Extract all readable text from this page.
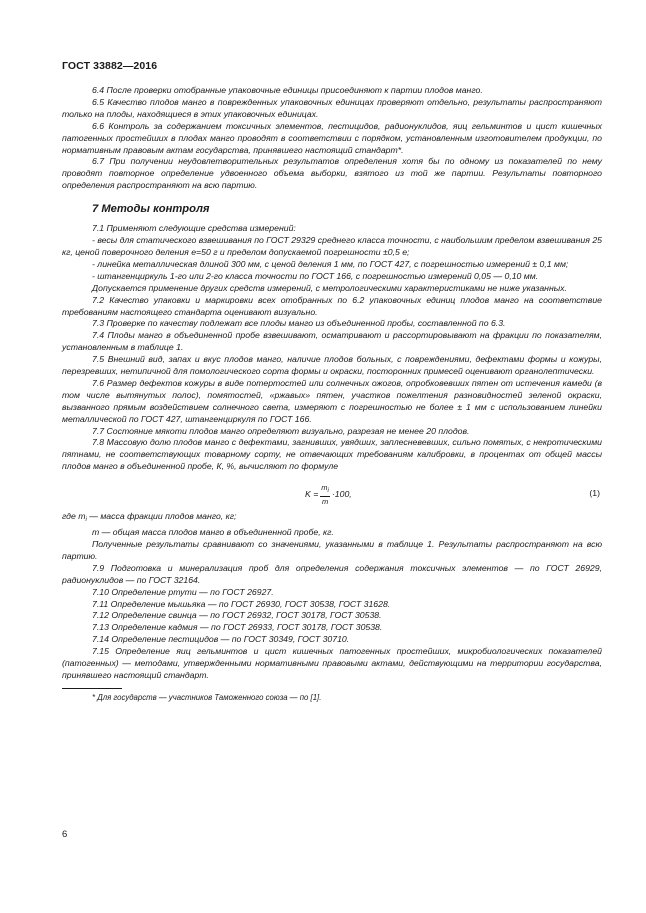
ГОСТ 33882—2016

6.4 После проверки отобранные упаковочные единицы присоединяют к партии плодов манго.

6.5 Качество плодов манго в поврежденных упаковочных единицах проверяют отдельно, результаты распространяют только на плоды, находящиеся в этих упаковочных единицах.

6.6 Контроль за содержанием токсичных элементов, пестицидов, радионуклидов, яиц гельминтов и цист кишечных патогенных простейших в плодах манго проводят в соответствии с порядком, установленным изготовителем продукции, по нормативным правовым актам государства, принявшего настоящий стандарт*.

6.7 При получении неудовлетворительных результатов определения хотя бы по одному из показателей по нему проводят повторное определение удвоенного объема выборки, взятого из той же партии. Результаты повторного определения распространяют на всю партию.

7 Методы контроля

7.1 Применяют следующие средства измерений:

- весы для статического взвешивания по ГОСТ 29329 среднего класса точности, с наибольшим пределом взвешивания 25 кг, ценой поверочного деления e=50 г и пределом допускаемой погрешности ±0,5 e;

- линейка металлическая длиной 300 мм, с ценой деления 1 мм, по ГОСТ 427, с погрешностью измерений ± 0,1 мм;

- штангенциркуль 1-го или 2-го класса точности по ГОСТ 166, с погрешностью измерений 0,05 — 0,10 мм.

Допускается применение других средств измерений, с метрологическими характеристиками не ниже указанных.

7.2 Качество упаковки и маркировки всех отобранных по 6.2 упаковочных единиц плодов манго на соответствие требованиям настоящего стандарта оценивают визуально.

7.3 Проверке по качеству подлежат все плоды манго из объединенной пробы, составленной по 6.3.

7.4 Плоды манго в объединенной пробе взвешивают, осматривают и рассортировывают на фракции по показателям, установленным в таблице 1.

7.5 Внешний вид, запах и вкус плодов манго, наличие плодов больных, с повреждениями, дефектами формы и кожуры, перезревших, нетипичной для помологического сорта формы и окраски, посторонних примесей оценивают органолептически.

7.6 Размер дефектов кожуры в виде потертостей или солнечных ожогов, опробковевших пятен от истечения камеди (в том числе вытянутых полос), помятостей, «ржавых» пятен, участков пожелтения разновидностей зеленой окраски, вызванного прямым воздействием солнечного света, измеряют с погрешностью не более ± 1 мм с использованием линейки металлической по ГОСТ 427, штангенциркуля по ГОСТ 166.

7.7 Состояние мякоти плодов манго определяют визуально, разрезая не менее 20 плодов.

7.8 Массовую долю плодов манго с дефектами, загнивших, увядших, заплесневевших, сильно помятых, с некротическими пятнами, не соответствующих товарному сорту, не отвечающих требованиям калибровки, в процентах от общей массы плодов манго в объединенной пробе, К, %, вычисляют по формуле

$K = \frac{m_i}{m} \cdot 100$,	(1)

где $m_i$ — масса фракции плодов манго, кг;

m — общая масса плодов манго в объединенной пробе, кг.

Полученные результаты сравнивают со значениями, указанными в таблице 1. Результаты распространяют на всю партию.

7.9 Подготовка и минерализация проб для определения содержания токсичных элементов — по ГОСТ 26929, радионуклидов — по ГОСТ 32164.

7.10 Определение ртути — по ГОСТ 26927.

7.11 Определение мышьяка — по ГОСТ 26930, ГОСТ 30538, ГОСТ 31628.

7.12 Определение свинца — по ГОСТ 26932, ГОСТ 30178, ГОСТ 30538.

7.13 Определение кадмия — по ГОСТ 26933, ГОСТ 30178, ГОСТ 30538.

7.14 Определение пестицидов — по ГОСТ 30349, ГОСТ 30710.

7.15 Определение яиц гельминтов и цист кишечных патогенных простейших, микробиологических показателей (патогенных) — методами, утвержденными нормативными правовыми актами, действующими на территории государства, принявшего настоящий стандарт.

* Для государств — участников Таможенного союза — по [1].

6
